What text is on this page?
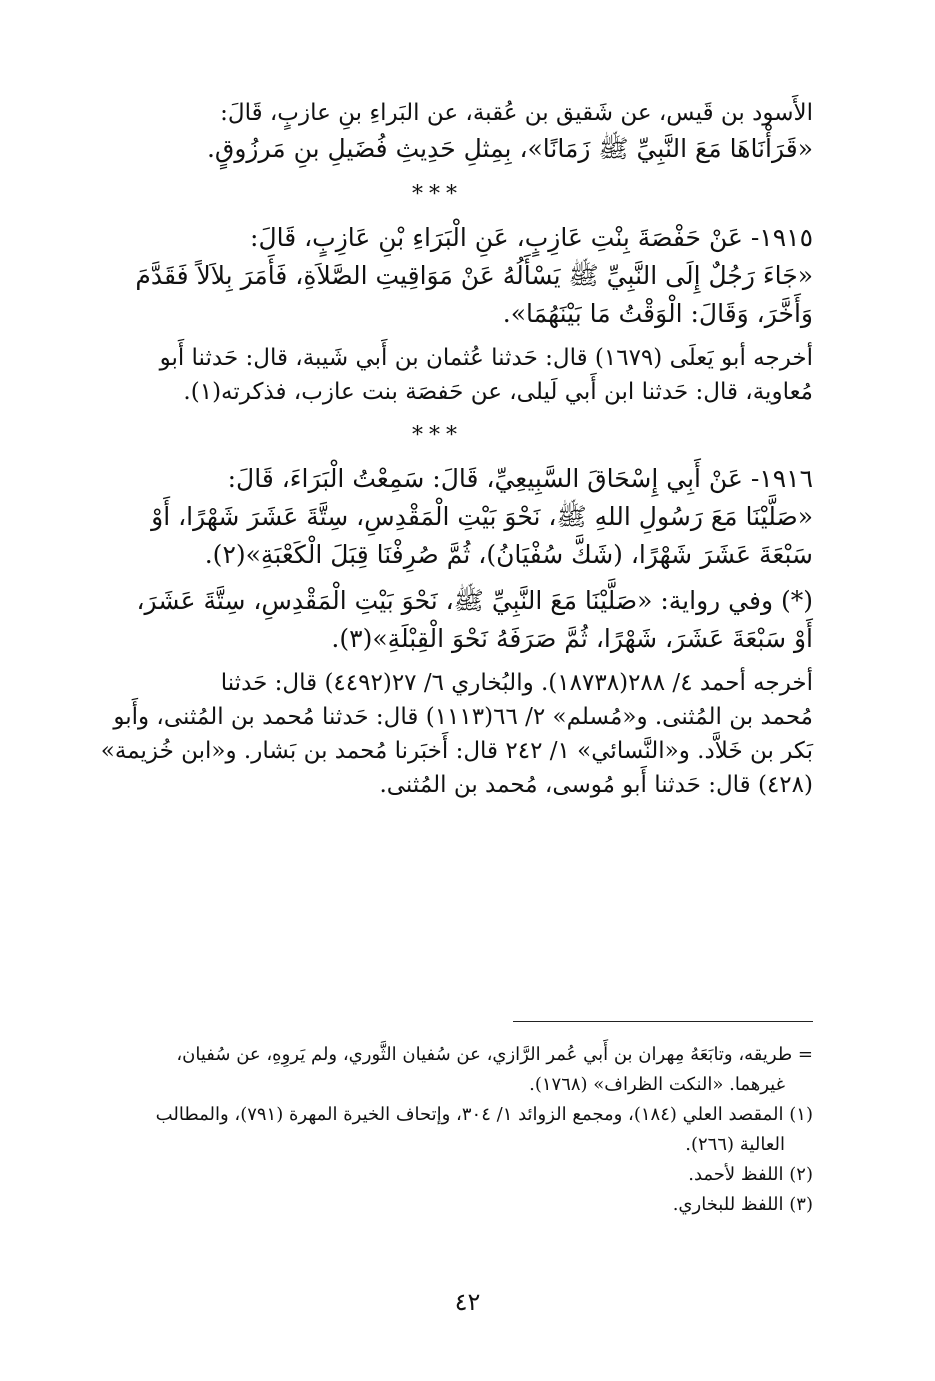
الأَسود بن قَيس، عن شَقيق بن عُقبة، عن البَراءِ بنِ عازبٍ، قَالَ:
«قَرَأْنَاهَا مَعَ النَّبِيِّ ﷺ زَمَانًا»، بِمِثلِ حَدِيثِ فُضَيلِ بنِ مَرزُوقٍ.
***
١٩١٥- عَنْ حَفْصَةَ بِنْتِ عَازِبٍ، عَنِ الْبَرَاءِ بْنِ عَازِبٍ، قَالَ:
«جَاءَ رَجُلٌ إِلَى النَّبِيِّ ﷺ يَسْأَلُهُ عَنْ مَوَاقِيتِ الصَّلاَةِ، فَأَمَرَ بِلاَلاً فَقَدَّمَ
وَأَخَّرَ، وَقَالَ: الْوَقْتُ مَا بَيْنَهُمَا».
أخرجه أبو يَعلَى (١٦٧٩) قال: حَدثنا عُثمان بن أَبي شَيبة، قال: حَدثنا أَبو
مُعاوية، قال: حَدثنا ابن أَبي لَيلى، عن حَفصَة بنت عازب، فذكرته(١).
***
١٩١٦- عَنْ أَبِي إِسْحَاقَ السَّبِيعِيِّ، قَالَ: سَمِعْتُ الْبَرَاءَ، قَالَ:
«صَلَّيْنَا مَعَ رَسُولِ اللهِ ﷺ، نَحْوَ بَيْتِ الْمَقْدِسِ، سِتَّةَ عَشَرَ شَهْرًا، أَوْ
سَبْعَةَ عَشَرَ شَهْرًا، (شَكَّ سُفْيَانُ)، ثُمَّ صُرِفْنَا قِبَلَ الْكَعْبَةِ»(٢).
(*) وفي رواية: «صَلَّيْنَا مَعَ النَّبِيِّ ﷺ، نَحْوَ بَيْتِ الْمَقْدِسِ، سِتَّةَ عَشَرَ،
أَوْ سَبْعَةَ عَشَرَ، شَهْرًا، ثُمَّ صَرَفَهُ نَحْوَ الْقِبْلَةِ»(٣).
أخرجه أحمد ٤/ ٢٨٨(١٨٧٣٨). والبُخاري ٦/ ٢٧(٤٤٩٢) قال: حَدثنا
مُحمد بن المُثنى. و«مُسلم» ٢/ ٦٦(١١١٣) قال: حَدثنا مُحمد بن المُثنى، وأَبو
بَكر بن خَلاَّد. و«النَّسائي» ١/ ٢٤٢ قال: أَخبَرنا مُحمد بن بَشار. و«ابن خُزيمة»
(٤٢٨) قال: حَدثنا أَبو مُوسى، مُحمد بن المُثنى.
= طريقه، وتابَعَهُ مِهران بن أَبي عُمر الرَّازي، عن سُفيان الثَّوري، ولم يَروِهِ، عن سُفيان،
غيرهما. «النكت الظراف» (١٧٦٨).
(١) المقصد العلي (١٨٤)، ومجمع الزوائد ١/ ٣٠٤، وإتحاف الخيرة المهرة (٧٩١)، والمطالب
العالية (٢٦٦).
(٢) اللفظ لأحمد.
(٣) اللفظ للبخاري.
٤٢
